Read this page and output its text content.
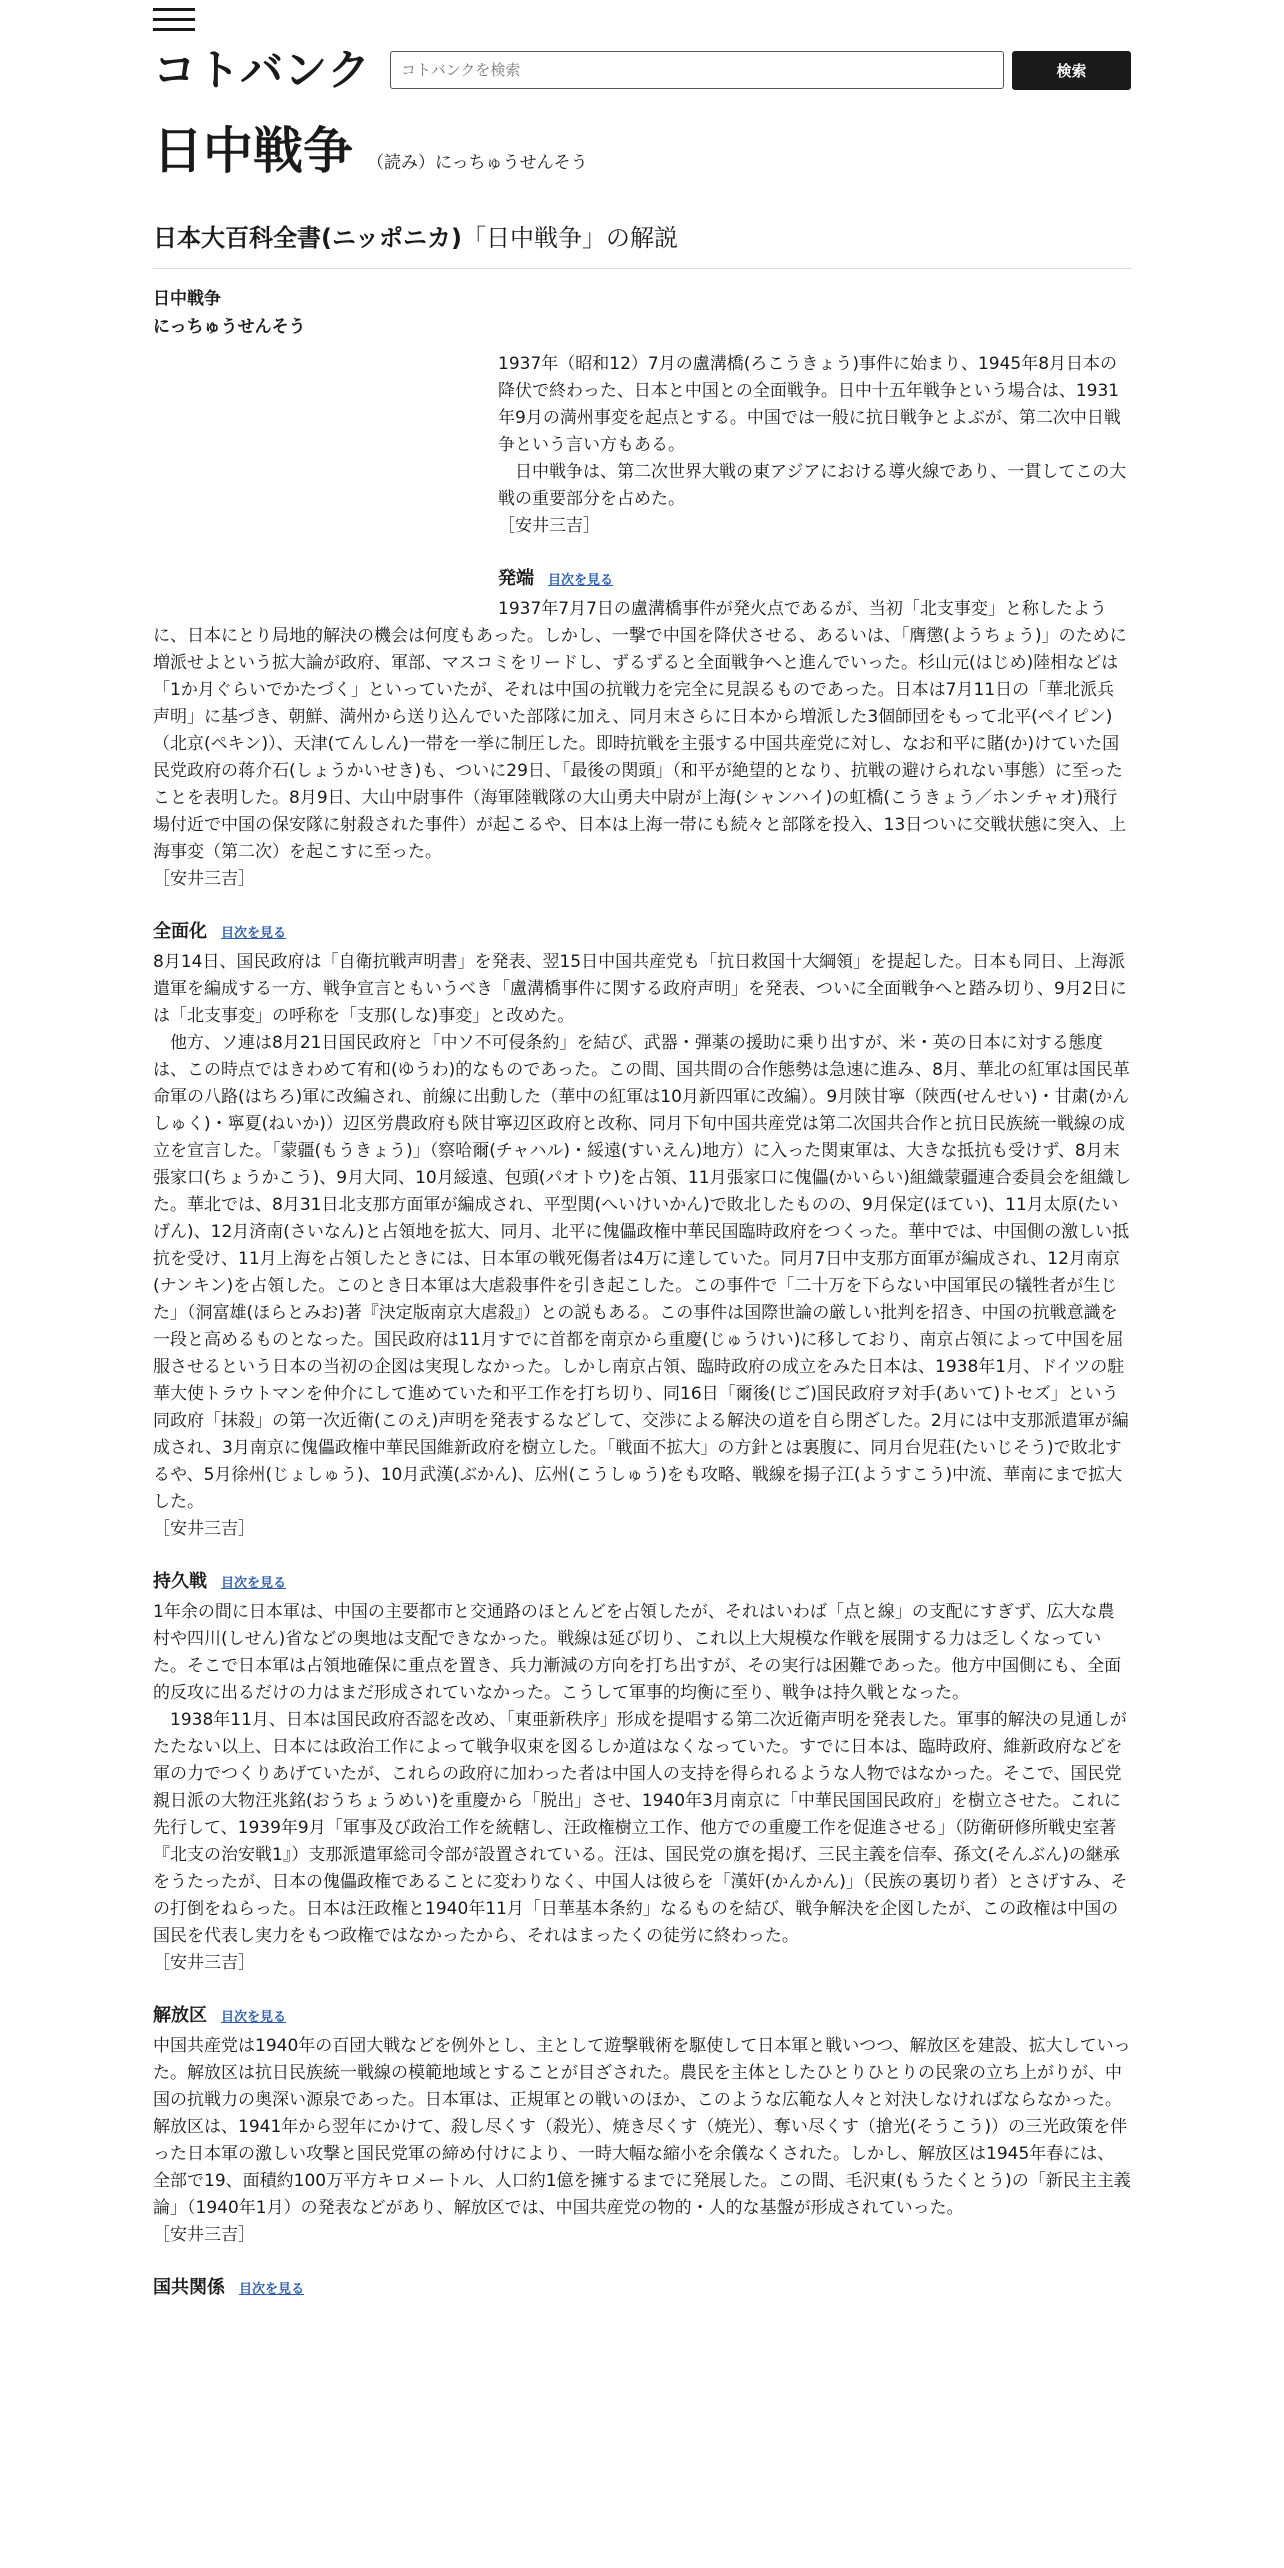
コトバンク
コトバンクを検索	検索
日中戦争 （読み）にっちゅうせんそう
日本大百科全書(ニッポニカ)「日中戦争」の解説
日中戦争
にっちゅうせんそう

1937年（昭和12）7月の盧溝橋(ろこうきょう)事件に始まり、1945年8月日本の降伏で終わった、日本と中国との全面戦争。日中十五年戦争という場合は、1931年9月の満州事変を起点とする。中国では一般に抗日戦争とよぶが、第二次中日戦争という言い方もある。

日中戦争は、第二次世界大戦の東アジアにおける導火線であり、一貫してこの大戦の重要部分を占めた。

［安井三吉］

発端 目次を見る

1937年7月7日の盧溝橋事件が発火点であるが、当初「北支事変」と称したように、日本にとり局地的解決の機会は何度もあった。しかし、一撃で中国を降伏させる、あるいは、「膺懲(ようちょう)」のために増派せよという拡大論が政府、軍部、マスコミをリードし、ずるずると全面戦争へと進んでいった。杉山元(はじめ)陸相などは「1か月ぐらいでかたづく」といっていたが、それは中国の抗戦力を完全に見誤るものであった。日本は7月11日の「華北派兵声明」に基づき、朝鮮、満州から送り込んでいた部隊に加え、同月末さらに日本から増派した3個師団をもって北平(ペイピン)（北京(ペキン)）、天津(てんしん)一帯を一挙に制圧した。即時抗戦を主張する中国共産党に対し、なお和平に賭(か)けていた国民党政府の蒋介石(しょうかいせき)も、ついに29日、「最後の関頭」（和平が絶望的となり、抗戦の避けられない事態）に至ったことを表明した。8月9日、大山中尉事件（海軍陸戦隊の大山勇夫中尉が上海(シャンハイ)の虹橋(こうきょう／ホンチャオ)飛行場付近で中国の保安隊に射殺された事件）が起こるや、日本は上海一帯にも続々と部隊を投入、13日ついに交戦状態に突入、上海事変（第二次）を起こすに至った。

［安井三吉］

全面化 目次を見る

8月14日、国民政府は「自衛抗戦声明書」を発表、翌15日中国共産党も「抗日救国十大綱領」を提起した。日本も同日、上海派遣軍を編成する一方、戦争宣言ともいうべき「盧溝橋事件に関する政府声明」を発表、ついに全面戦争へと踏み切り、9月2日には「北支事変」の呼称を「支那(しな)事変」と改めた。

他方、ソ連は8月21日国民政府と「中ソ不可侵条約」を結び、武器・弾薬の援助に乗り出すが、米・英の日本に対する態度は、この時点ではきわめて宥和(ゆうわ)的なものであった。この間、国共間の合作態勢は急速に進み、8月、華北の紅軍は国民革命軍の八路(はちろ)軍に改編され、前線に出動した（華中の紅軍は10月新四軍に改編）。9月陝甘寧（陝西(せんせい)・甘粛(かんしゅく)・寧夏(ねいか)）辺区労農政府も陝甘寧辺区政府と改称、同月下旬中国共産党は第二次国共合作と抗日民族統一戦線の成立を宣言した。「蒙疆(もうきょう)」（察哈爾(チャハル)・綏遠(すいえん)地方）に入った関東軍は、大きな抵抗も受けず、8月末張家口(ちょうかこう)、9月大同、10月綏遠、包頭(パオトウ)を占領、11月張家口に傀儡(かいらい)組織蒙疆連合委員会を組織した。華北では、8月31日北支那方面軍が編成され、平型関(へいけいかん)で敗北したものの、9月保定(ほてい)、11月太原(たいげん)、12月済南(さいなん)と占領地を拡大、同月、北平に傀儡政権中華民国臨時政府をつくった。華中では、中国側の激しい抵抗を受け、11月上海を占領したときには、日本軍の戦死傷者は4万に達していた。同月7日中支那方面軍が編成され、12月南京(ナンキン)を占領した。このとき日本軍は大虐殺事件を引き起こした。この事件で「二十万を下らない中国軍民の犠牲者が生じた」（洞富雄(ほらとみお)著『決定版南京大虐殺』）との説もある。この事件は国際世論の厳しい批判を招き、中国の抗戦意識を一段と高めるものとなった。国民政府は11月すでに首都を南京から重慶(じゅうけい)に移しており、南京占領によって中国を屈服させるという日本の当初の企図は実現しなかった。しかし南京占領、臨時政府の成立をみた日本は、1938年1月、ドイツの駐華大使トラウトマンを仲介にして進めていた和平工作を打ち切り、同16日「爾後(じご)国民政府ヲ対手(あいて)トセズ」という同政府「抹殺」の第一次近衛(このえ)声明を発表するなどして、交渉による解決の道を自ら閉ざした。2月には中支那派遣軍が編成され、3月南京に傀儡政権中華民国維新政府を樹立した。「戦面不拡大」の方針とは裏腹に、同月台児荘(たいじそう)で敗北するや、5月徐州(じょしゅう)、10月武漢(ぶかん)、広州(こうしゅう)をも攻略、戦線を揚子江(ようすこう)中流、華南にまで拡大した。

［安井三吉］

持久戦 目次を見る

1年余の間に日本軍は、中国の主要都市と交通路のほとんどを占領したが、それはいわば「点と線」の支配にすぎず、広大な農村や四川(しせん)省などの奥地は支配できなかった。戦線は延び切り、これ以上大規模な作戦を展開する力は乏しくなっていた。そこで日本軍は占領地確保に重点を置き、兵力漸減の方向を打ち出すが、その実行は困難であった。他方中国側にも、全面的反攻に出るだけの力はまだ形成されていなかった。こうして軍事的均衡に至り、戦争は持久戦となった。

1938年11月、日本は国民政府否認を改め、「東亜新秩序」形成を提唱する第二次近衛声明を発表した。軍事的解決の見通しがたたない以上、日本には政治工作によって戦争収束を図るしか道はなくなっていた。すでに日本は、臨時政府、維新政府などを軍の力でつくりあげていたが、これらの政府に加わった者は中国人の支持を得られるような人物ではなかった。そこで、国民党親日派の大物汪兆銘(おうちょうめい)を重慶から「脱出」させ、1940年3月南京に「中華民国国民政府」を樹立させた。これに先行して、1939年9月「軍事及び政治工作を統轄し、汪政権樹立工作、他方での重慶工作を促進させる」（防衛研修所戦史室著『北支の治安戦1』）支那派遣軍総司令部が設置されている。汪は、国民党の旗を掲げ、三民主義を信奉、孫文(そんぶん)の継承をうたったが、日本の傀儡政権であることに変わりなく、中国人は彼らを「漢奸(かんかん)」（民族の裏切り者）とさげすみ、その打倒をねらった。日本は汪政権と1940年11月「日華基本条約」なるものを結び、戦争解決を企図したが、この政権は中国の国民を代表し実力をもつ政権ではなかったから、それはまったくの徒労に終わった。

［安井三吉］

解放区 目次を見る

中国共産党は1940年の百団大戦などを例外とし、主として遊撃戦術を駆使して日本軍と戦いつつ、解放区を建設、拡大していった。解放区は抗日民族統一戦線の模範地域とすることが目ざされた。農民を主体としたひとりひとりの民衆の立ち上がりが、中国の抗戦力の奥深い源泉であった。日本軍は、正規軍との戦いのほか、このような広範な人々と対決しなければならなかった。解放区は、1941年から翌年にかけて、殺し尽くす（殺光）、焼き尽くす（焼光）、奪い尽くす（搶光(そうこう)）の三光政策を伴った日本軍の激しい攻撃と国民党軍の締め付けにより、一時大幅な縮小を余儀なくされた。しかし、解放区は1945年春には、全部で19、面積約100万平方キロメートル、人口約1億を擁するまでに発展した。この間、毛沢東(もうたくとう)の「新民主主義論」（1940年1月）の発表などがあり、解放区では、中国共産党の物的・人的な基盤が形成されていった。

［安井三吉］

国共関係 目次を見る
